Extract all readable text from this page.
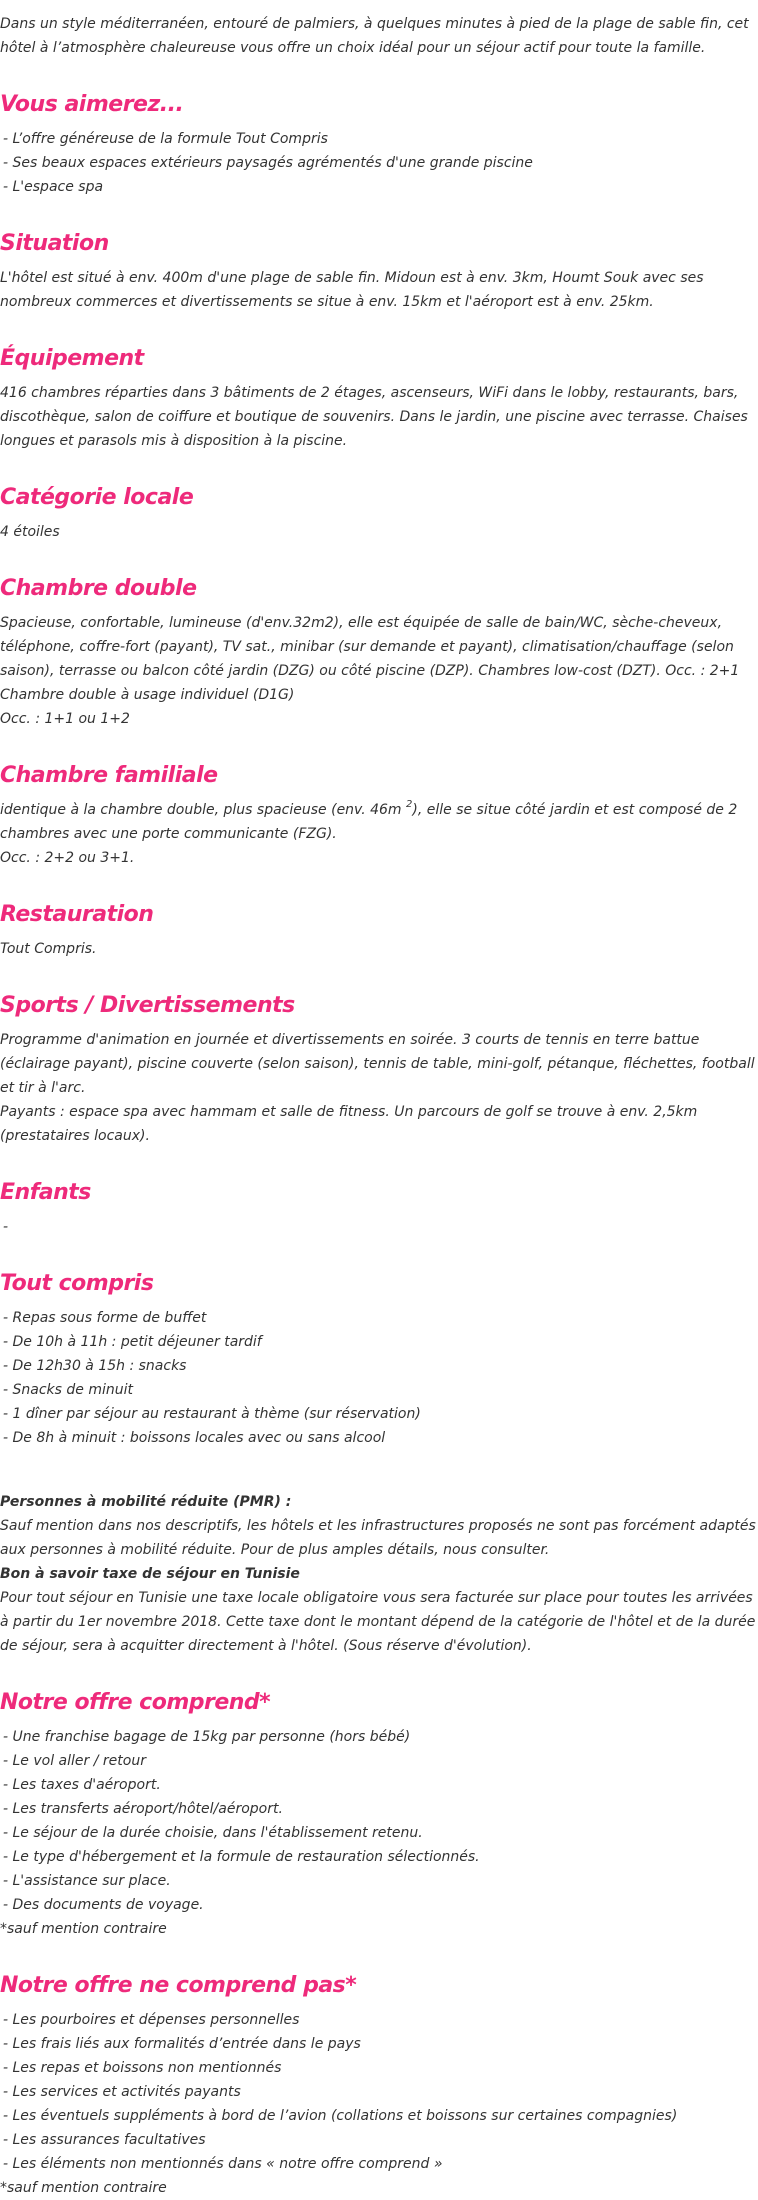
Dans un style méditerranéen, entouré de palmiers, à quelques minutes à pied de la plage de sable fin, cet hôtel à l’atmosphère chaleureuse vous offre un choix idéal pour un séjour actif pour toute la famille.

Vous aimerez...
- L’offre généreuse de la formule Tout Compris
- Ses beaux espaces extérieurs paysagés agrémentés d'une grande piscine
- L'espace spa
Situation

L'hôtel est situé à env. 400m d'une plage de sable fin. Midoun est à env. 3km, Houmt Souk avec ses nombreux commerces et divertissements se situe à env. 15km et l'aéroport est à env. 25km.

Équipement

416 chambres réparties dans 3 bâtiments de 2 étages, ascenseurs, WiFi dans le lobby, restaurants, bars, discothèque, salon de coiffure et boutique de souvenirs. Dans le jardin, une piscine avec terrasse. Chaises longues et parasols mis à disposition à la piscine.

Catégorie locale

4 étoiles

Chambre double

Spacieuse, confortable, lumineuse (d'env.32m2), elle est équipée de salle de bain/WC, sèche-cheveux, téléphone, coffre-fort (payant), TV sat., minibar (sur demande et payant), climatisation/chauffage (selon saison), terrasse ou balcon côté jardin (DZG) ou côté piscine (DZP). Chambres low-cost (DZT). Occ. : 2+1

Chambre double à usage individuel (D1G)

Occ. : 1+1 ou 1+2

Chambre familiale

identique à la chambre double, plus spacieuse (env. 46m $^2$), elle se situe côté jardin et est composé de 2 chambres avec une porte communicante (FZG).

Occ. : 2+2 ou 3+1.

Restauration

Tout Compris.

Sports / Divertissements

Programme d'animation en journée et divertissements en soirée. 3 courts de tennis en terre battue (éclairage payant), piscine couverte (selon saison), tennis de table, mini-golf, pétanque, fléchettes, football et tir à l'arc.

Payants : espace spa avec hammam et salle de fitness. Un parcours de golf se trouve à env. 2,5km (prestataires locaux).

Enfants
-
Tout compris
- Repas sous forme de buffet
- De 10h à 11h : petit déjeuner tardif
- De 12h30 à 15h : snacks
- Snacks de minuit
- 1 dîner par séjour au restaurant à thème (sur réservation)
- De 8h à minuit : boissons locales avec ou sans alcool

Personnes à mobilité réduite (PMR) :

Sauf mention dans nos descriptifs, les hôtels et les infrastructures proposés ne sont pas forcément adaptés aux personnes à mobilité réduite. Pour de plus amples détails, nous consulter.

Bon à savoir taxe de séjour en Tunisie

Pour tout séjour en Tunisie une taxe locale obligatoire vous sera facturée sur place pour toutes les arrivées à partir du 1er novembre 2018. Cette taxe dont le montant dépend de la catégorie de l'hôtel et de la durée de séjour, sera à acquitter directement à l'hôtel. (Sous réserve d'évolution).

Notre offre comprend*
- Une franchise bagage de 15kg par personne (hors bébé)
- Le vol aller / retour
- Les taxes d'aéroport.
- Les transferts aéroport/hôtel/aéroport.
- Le séjour de la durée choisie, dans l'établissement retenu.
- Le type d'hébergement et la formule de restauration sélectionnés.
- L'assistance sur place.
- Des documents de voyage.

*sauf mention contraire

Notre offre ne comprend pas*
- Les pourboires et dépenses personnelles
- Les frais liés aux formalités d’entrée dans le pays
- Les repas et boissons non mentionnés
- Les services et activités payants
- Les éventuels suppléments à bord de l’avion (collations et boissons sur certaines compagnies)
- Les assurances facultatives
- Les éléments non mentionnés dans « notre offre comprend »

*sauf mention contraire
